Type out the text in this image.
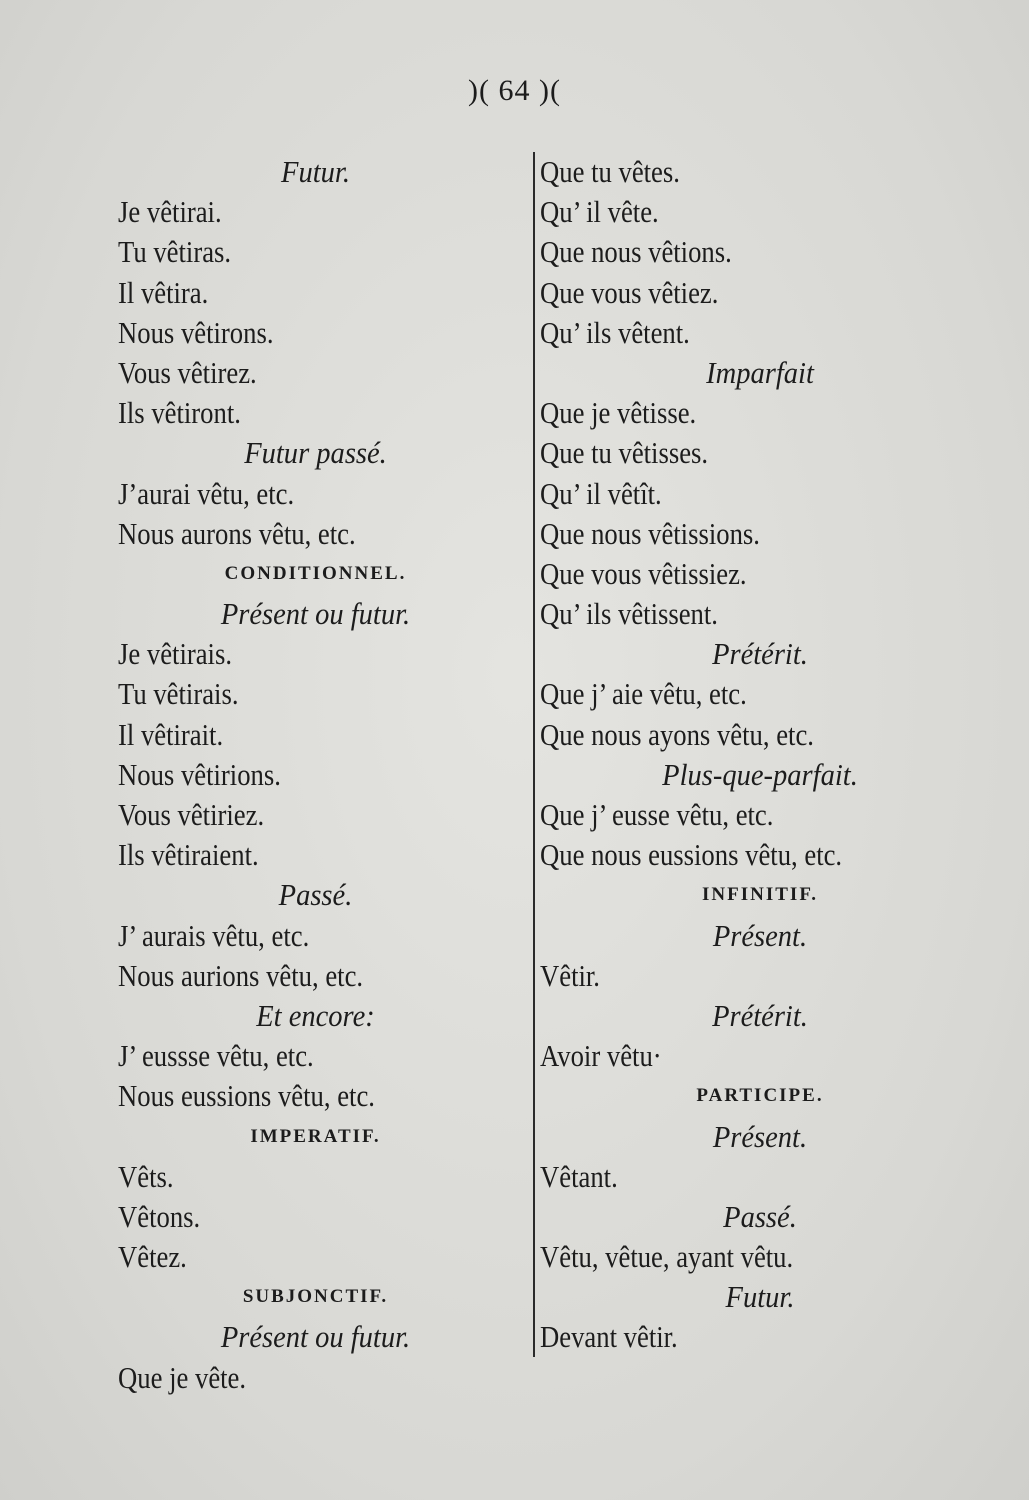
)( 64 )(
Futur.
Je vêtirai.
Tu vêtiras.
Il vêtira.
Nous vêtirons.
Vous vêtirez.
Ils vêtiront.
Futur passé.
J’aurai vêtu, etc.
Nous aurons vêtu, etc.
CONDITIONNEL.
Présent ou futur.
Je vêtirais.
Tu vêtirais.
Il vêtirait.
Nous vêtirions.
Vous vêtiriez.
Ils vêtiraient.
Passé.
J’ aurais vêtu, etc.
Nous aurions vêtu, etc.
Et encore:
J’ eussse vêtu, etc.
Nous eussions vêtu, etc.
IMPERATIF.
Vêts.
Vêtons.
Vêtez.
SUBJONCTIF.
Présent ou futur.
Que je vête.
Que tu vêtes.
Qu’ il vête.
Que nous vêtions.
Que vous vêtiez.
Qu’ ils vêtent.
Imparfait
Que je vêtisse.
Que tu vêtisses.
Qu’ il vêtît.
Que nous vêtissions.
Que vous vêtissiez.
Qu’ ils vêtissent.
Prétérit.
Que j’ aie vêtu, etc.
Que nous ayons vêtu, etc.
Plus-que-parfait.
Que j’ eusse vêtu, etc.
Que nous eussions vêtu, etc.
INFINITIF.
Présent.
Vêtir.
Prétérit.
Avoir vêtu·
PARTICIPE.
Présent.
Vêtant.
Passé.
Vêtu, vêtue, ayant vêtu.
Futur.
Devant vêtir.
